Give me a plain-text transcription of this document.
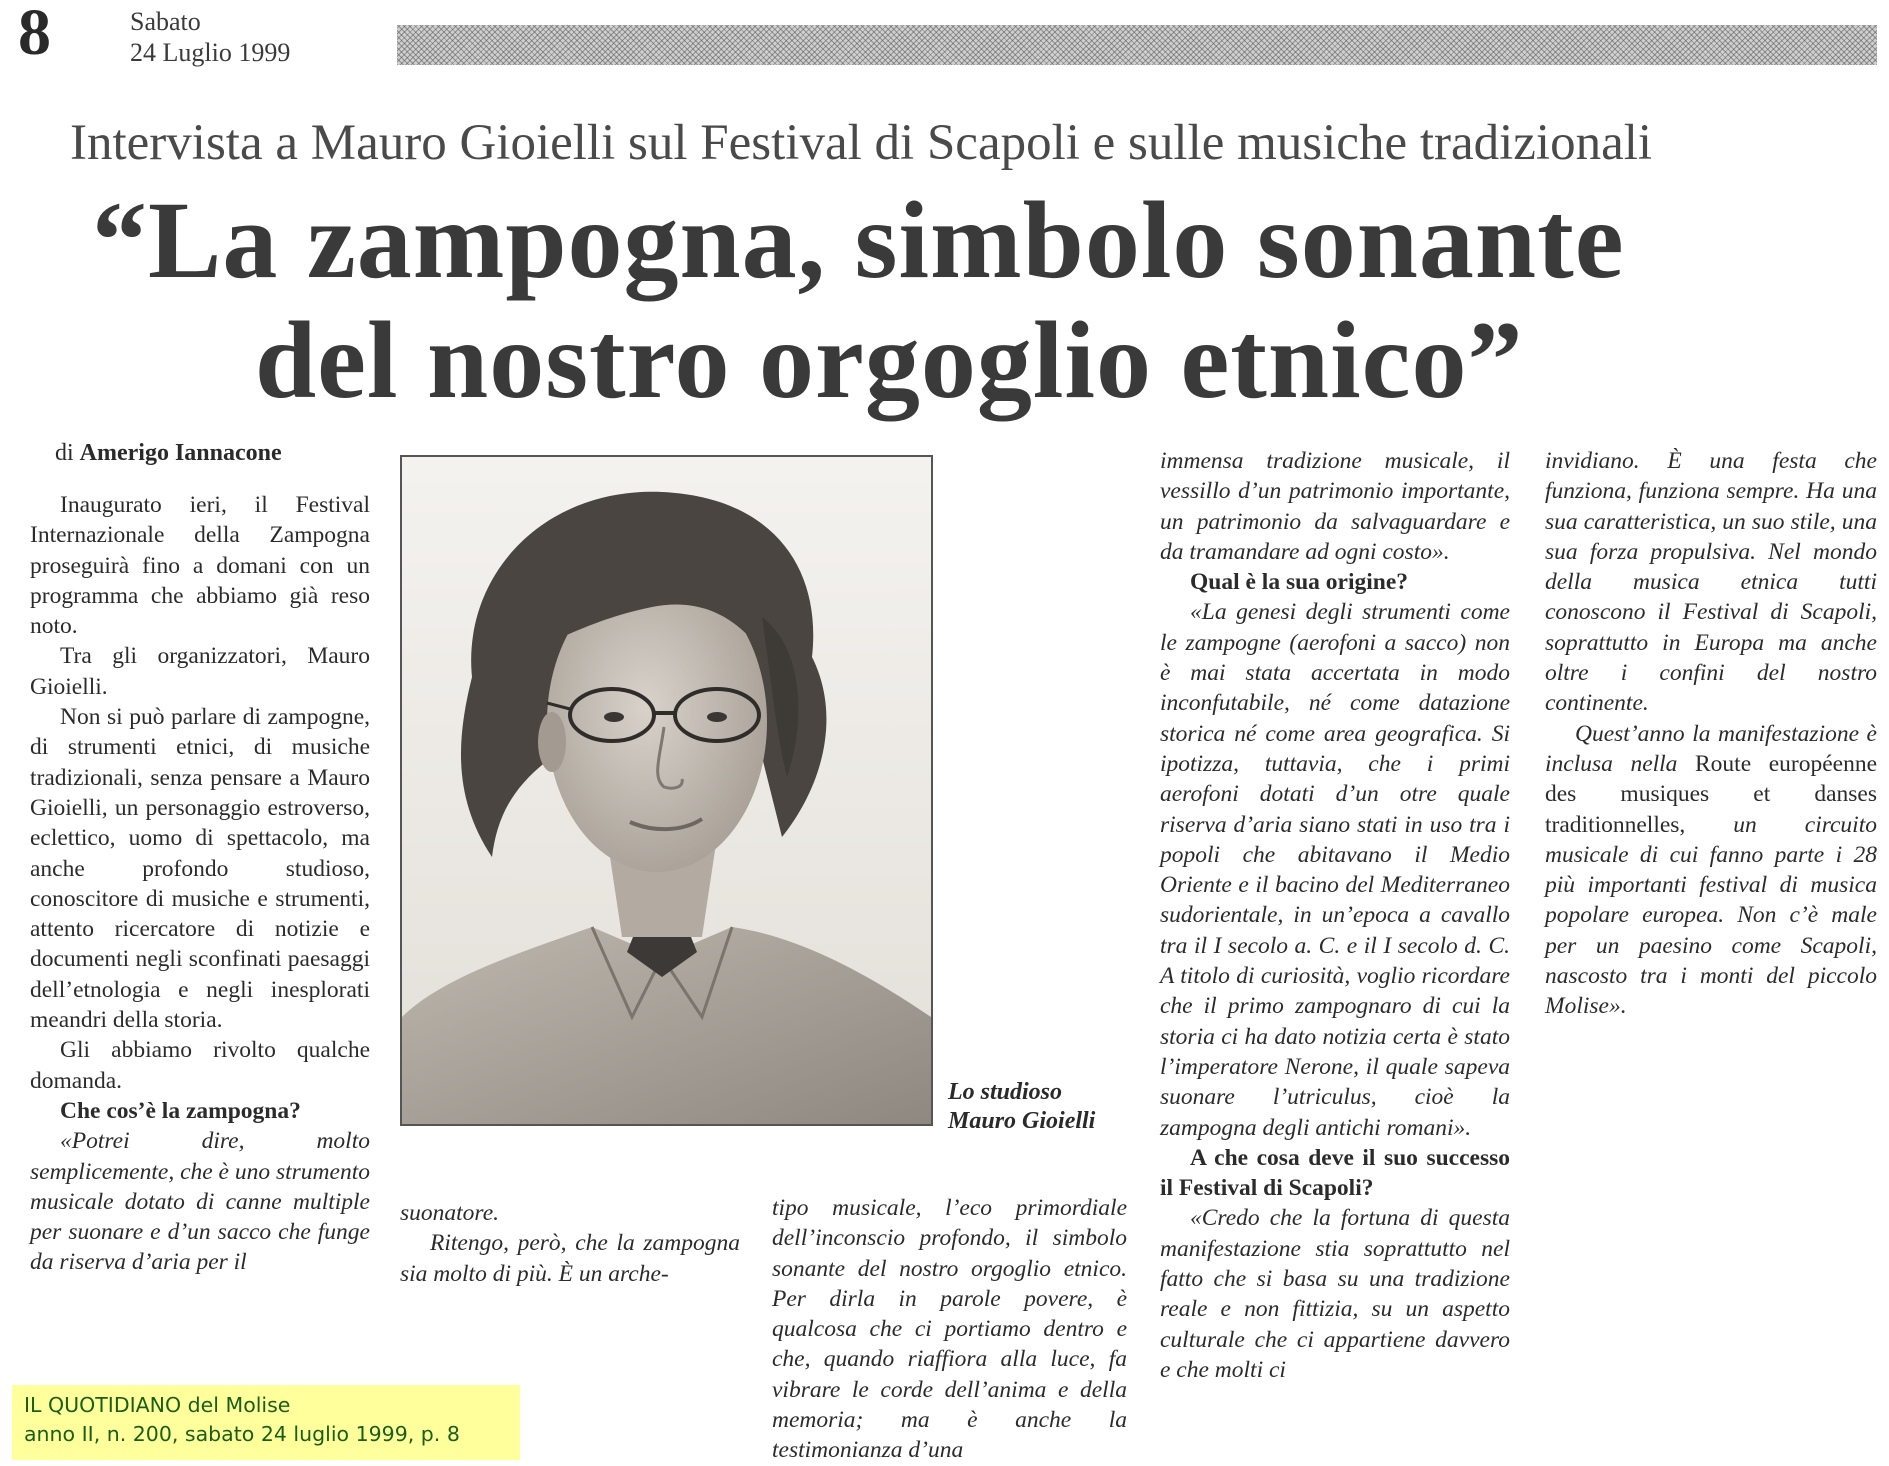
8	Sabato
24 Luglio 1999
Intervista a Mauro Gioielli sul Festival di Scapoli e sulle musiche tradizionali
“La zampogna, simbolo sonante
del nostro orgoglio etnico”
di Amerigo Iannacone

Inaugurato ieri, il Festival Internazionale della Zampogna proseguirà fino a domani con un programma che abbiamo già reso noto.

Tra gli organizzatori, Mauro Gioielli.

Non si può parlare di zampogne, di strumenti etnici, di musiche tradizionali, senza pensare a Mauro Gioielli, un personaggio estroverso, eclettico, uomo di spettacolo, ma anche profondo studioso, conoscitore di musiche e strumenti, attento ricercatore di notizie e documenti negli sconfinati paesaggi dell’etnologia e negli inesplorati meandri della storia.

Gli abbiamo rivolto qualche domanda.

Che cos’è la zampogna?

«Potrei dire, molto semplicemente, che è uno strumento musicale dotato di canne multiple per suonare e d’un sacco che funge da riserva d’aria per il

Lo studioso
Mauro Gioielli

suonatore.

Ritengo, però, che la zampogna sia molto di più. È un arche-

tipo musicale, l’eco primordiale dell’inconscio profondo, il simbolo sonante del nostro orgoglio etnico. Per dirla in parole povere, è qualcosa che ci portiamo dentro e che, quando riaffiora alla luce, fa vibrare le corde dell’anima e della memoria; ma è anche la testimonianza d’una

immensa tradizione musicale, il vessillo d’un patrimonio importante, un patrimonio da salvaguardare e da tramandare ad ogni costo».

Qual è la sua origine?

«La genesi degli strumenti come le zampogne (aerofoni a sacco) non è mai stata accertata in modo inconfutabile, né come datazione storica né come area geografica. Si ipotizza, tuttavia, che i primi aerofoni dotati d’un otre quale riserva d’aria siano stati in uso tra i popoli che abitavano il Medio Oriente e il bacino del Mediterraneo sudorientale, in un’epoca a cavallo tra il I secolo a. C. e il I secolo d. C. A titolo di curiosità, voglio ricordare che il primo zampognaro di cui la storia ci ha dato notizia certa è stato l’imperatore Nerone, il quale sapeva suonare l’utriculus, cioè la zampogna degli antichi romani».

A che cosa deve il suo successo il Festival di Scapoli?

«Credo che la fortuna di questa manifestazione stia soprattutto nel fatto che si basa su una tradizione reale e non fittizia, su un aspetto culturale che ci appartiene davvero e che molti ci

invidiano. È una festa che funziona, funziona sempre. Ha una sua caratteristica, un suo stile, una sua forza propulsiva. Nel mondo della musica etnica tutti conoscono il Festival di Scapoli, soprattutto in Europa ma anche oltre i confini del nostro continente.

Quest’anno la manifestazione è inclusa nella Route européenne des musiques et danses traditionnelles, un circuito musicale di cui fanno parte i 28 più importanti festival di musica popolare europea. Non c’è male per un paesino come Scapoli, nascosto tra i monti del piccolo Molise».

IL QUOTIDIANO del Molise
anno II, n. 200, sabato 24 luglio 1999, p. 8
